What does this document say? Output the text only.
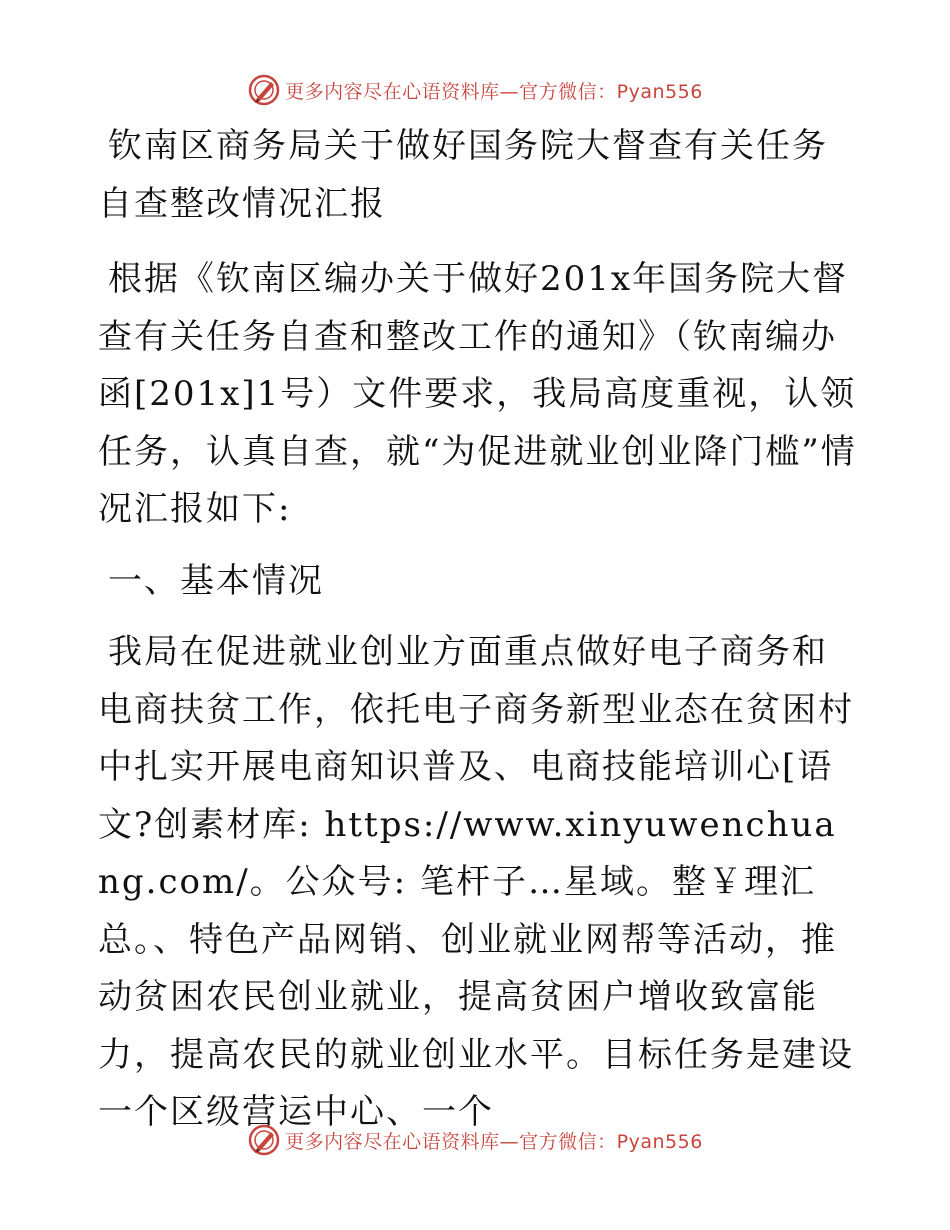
更多内容尽在心语资料库—官方微信：Pyan556

钦南区商务局关于做好国务院大督查有关任务自查整改情况汇报

根据《钦南区编办关于做好201x年国务院大督查有关任务自查和整改工作的通知》（钦南编办函[201x]1号）文件要求，我局高度重视，认领任务，认真自查，就“为促进就业创业降门槛”情况汇报如下:

一、基本情况

我局在促进就业创业方面重点做好电子商务和电商扶贫工作，依托电子商务新型业态在贫困村中扎实开展电商知识普及、电商技能培训心[语文?创素材库: https://www.xinyuwenchuang.com/。公众号: 笔杆子…星域。整￥理汇总。、特色产品网销、创业就业网帮等活动，推动贫困农民创业就业，提高贫困户增收致富能力，提高农民的就业创业水平。目标任务是建设一个区级营运中心、一个

更多内容尽在心语资料库—官方微信：Pyan556
